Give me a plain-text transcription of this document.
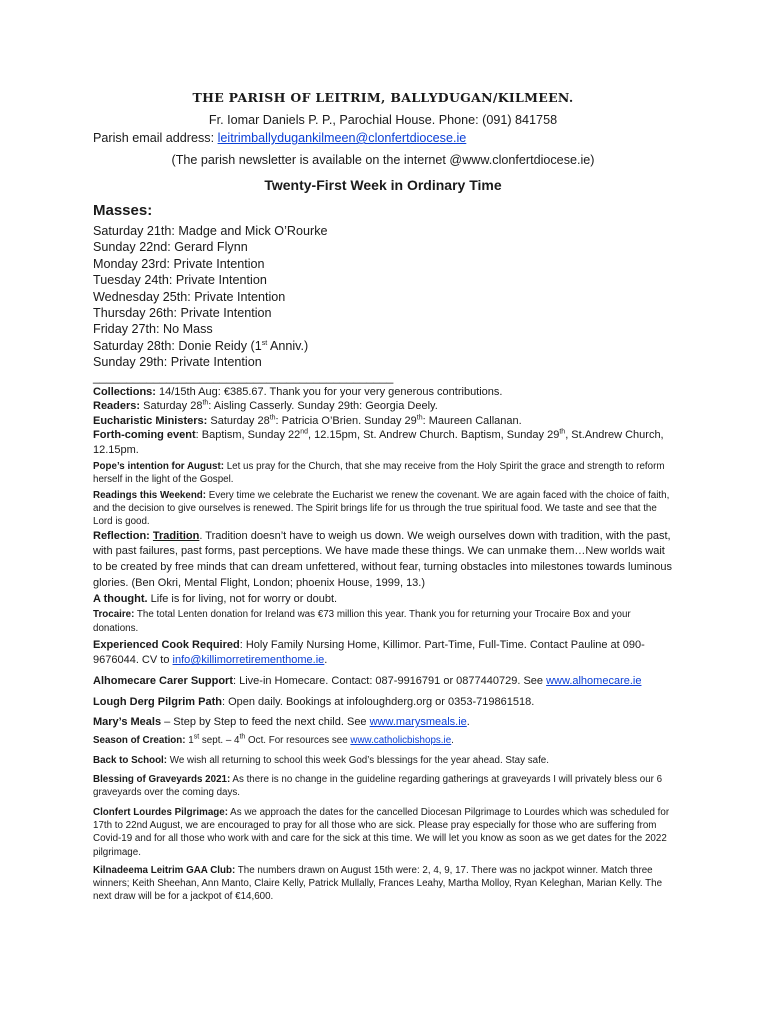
THE PARISH OF LEITRIM, BALLYDUGAN/KILMEEN.
Fr. Iomar Daniels P. P., Parochial House. Phone: (091) 841758
Parish email address: leitrimballydugankilmeen@clonfertdiocese.ie
(The parish newsletter is available on the internet @www.clonfertdiocese.ie)
Twenty-First Week in Ordinary Time
Masses:
Saturday 21th: Madge and Mick O’Rourke
Sunday 22nd: Gerard Flynn
Monday 23rd: Private Intention
Tuesday 24th: Private Intention
Wednesday 25th: Private Intention
Thursday 26th: Private Intention
Friday 27th: No Mass
Saturday 28th: Donie Reidy (1st Anniv.)
Sunday 29th: Private Intention
_____________________________________________
Collections: 14/15th Aug: €385.67. Thank you for your very generous contributions.
Readers: Saturday 28th: Aisling Casserly. Sunday 29th: Georgia Deely.
Eucharistic Ministers: Saturday 28th: Patricia O’Brien. Sunday 29th: Maureen Callanan.
Forth-coming event: Baptism, Sunday 22nd, 12.15pm, St. Andrew Church. Baptism, Sunday 29th, St.Andrew Church, 12.15pm.
Pope’s intention for August: Let us pray for the Church, that she may receive from the Holy Spirit the grace and strength to reform herself in the light of the Gospel.
Readings this Weekend: Every time we celebrate the Eucharist we renew the covenant. We are again faced with the choice of faith, and the decision to give ourselves is renewed. The Spirit brings life for us through the true spiritual food. We taste and see that the Lord is good.
Reflection: Tradition. Tradition doesn’t have to weigh us down. We weigh ourselves down with tradition, with the past, with past failures, past forms, past perceptions. We have made these things. We can unmake them…New worlds wait to be created by free minds that can dream unfettered, without fear, turning obstacles into milestones towards luminous glories. (Ben Okri, Mental Flight, London; phoenix House, 1999, 13.)
A thought. Life is for living, not for worry or doubt.
Trocaire: The total Lenten donation for Ireland was €73 million this year. Thank you for returning your Trocaire Box and your donations.
Experienced Cook Required: Holy Family Nursing Home, Killimor. Part-Time, Full-Time. Contact Pauline at 090-9676044. CV to info@killimorretirementhome.ie.
Alhomecare Carer Support: Live-in Homecare. Contact: 087-9916791 or 0877440729. See www.alhomecare.ie
Lough Derg Pilgrim Path: Open daily. Bookings at infoloughderg.org or 0353-719861518.
Mary’s Meals – Step by Step to feed the next child. See www.marysmeals.ie.
Season of Creation: 1st sept. – 4th Oct. For resources see www.catholicbishops.ie.
Back to School: We wish all returning to school this week God’s blessings for the year ahead. Stay safe.
Blessing of Graveyards 2021: As there is no change in the guideline regarding gatherings at graveyards I will privately bless our 6 graveyards over the coming days.
Clonfert Lourdes Pilgrimage: As we approach the dates for the cancelled Diocesan Pilgrimage to Lourdes which was scheduled for 17th to 22nd August, we are encouraged to pray for all those who are sick. Please pray especially for those who are suffering from Covid-19 and for all those who work with and care for the sick at this time. We will let you know as soon as we get dates for the 2022 pilgrimage.
Kilnadeema Leitrim GAA Club: The numbers drawn on August 15th were: 2, 4, 9, 17. There was no jackpot winner. Match three winners; Keith Sheehan, Ann Manto, Claire Kelly, Patrick Mullally, Frances Leahy, Martha Molloy, Ryan Keleghan, Marian Kelly. The next draw will be for a jackpot of €14,600.
